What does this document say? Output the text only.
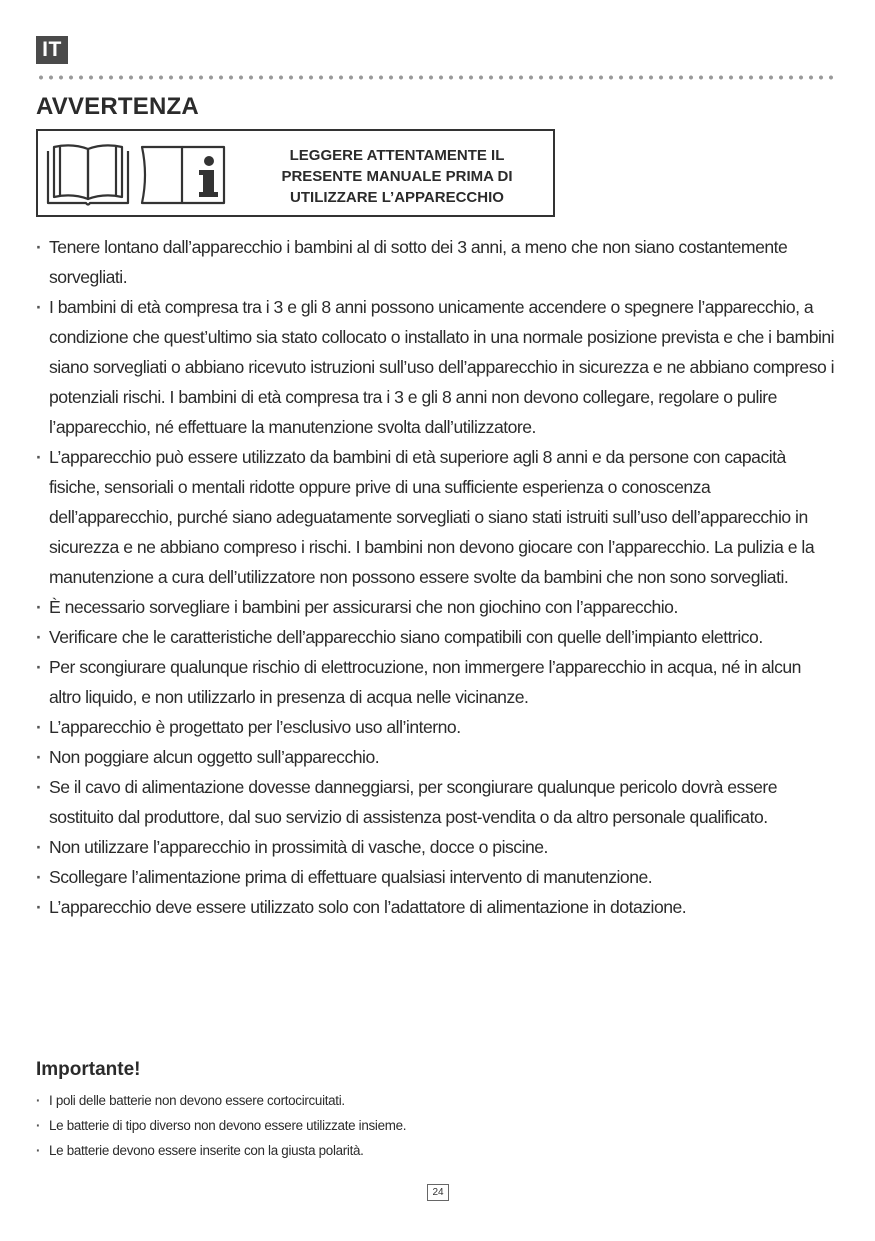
IT
AVVERTENZA
LEGGERE ATTENTAMENTE IL
PRESENTE MANUALE PRIMA DI
UTILIZZARE L’APPARECCHIO
· Tenere lontano dall’apparecchio i bambini al di sotto dei 3 anni, a meno che non siano costantemente sorvegliati.
· I bambini di età compresa tra i 3 e gli 8 anni possono unicamente accendere o spegnere l’apparecchio, a condizione che quest’ultimo sia stato collocato o installato in una normale posizione prevista e che i bambini siano sorvegliati o abbiano ricevuto istruzioni sull’uso dell’apparecchio in sicurezza e ne abbiano compreso i potenziali rischi. I bambini di età compresa tra i 3 e gli 8 anni non devono collegare, regolare o pulire l’apparecchio, né effettuare la manutenzione svolta dall’utilizzatore.
· L’apparecchio può essere utilizzato da bambini di età superiore agli 8 anni e da persone con capacità fisiche, sensoriali o mentali ridotte oppure prive di una sufficiente esperienza o conoscenza dell’apparecchio, purché siano adeguatamente sorvegliati o siano stati istruiti sull’uso dell’apparecchio in sicurezza e ne abbiano compreso i rischi. I bambini non devono giocare con l’apparecchio. La pulizia e la manutenzione a cura dell’utilizzatore non possono essere svolte da bambini che non sono sorvegliati.
· È necessario sorvegliare i bambini per assicurarsi che non giochino con l’apparecchio.
· Verificare che le caratteristiche dell’apparecchio siano compatibili con quelle dell’impianto elettrico.
· Per scongiurare qualunque rischio di elettrocuzione, non immergere l’apparecchio in acqua, né in alcun altro liquido, e non utilizzarlo in presenza di acqua nelle vicinanze.
· L’apparecchio è progettato per l’esclusivo uso all’interno.
· Non poggiare alcun oggetto sull’apparecchio.
· Se il cavo di alimentazione dovesse danneggiarsi, per scongiurare qualunque pericolo dovrà essere sostituito dal produttore, dal suo servizio di assistenza post-vendita o da altro personale qualificato.
· Non utilizzare l’apparecchio in prossimità di vasche, docce o piscine.
· Scollegare l’alimentazione prima di effettuare qualsiasi intervento di manutenzione.
· L’apparecchio deve essere utilizzato solo con l’adattatore di alimentazione in dotazione.
Importante!
· I poli delle batterie non devono essere cortocircuitati.
· Le batterie di tipo diverso non devono essere utilizzate insieme.
· Le batterie devono essere inserite con la giusta polarità.
24
